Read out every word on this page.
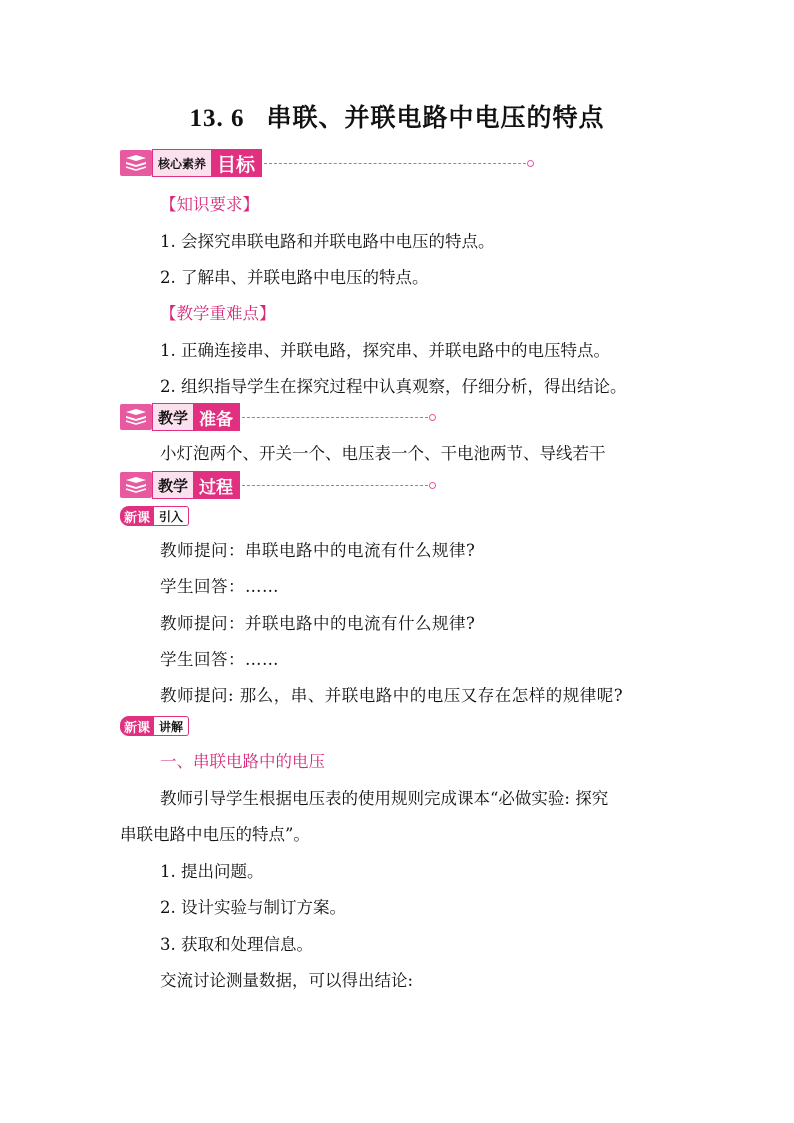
13. 6 串联、并联电路中电压的特点
核心素养 目标
【知识要求】
1. 会探究串联电路和并联电路中电压的特点。
2. 了解串、并联电路中电压的特点。
【教学重难点】
1. 正确连接串、并联电路，探究串、并联电路中的电压特点。
2. 组织指导学生在探究过程中认真观察，仔细分析，得出结论。
教学 准备
小灯泡两个、开关一个、电压表一个、干电池两节、导线若干
教学 过程
新课 引入
教师提问：串联电路中的电流有什么规律?
学生回答：……
教师提问：并联电路中的电流有什么规律?
学生回答：……
教师提问: 那么，串、并联电路中的电压又存在怎样的规律呢?
新课 讲解
一、串联电路中的电压
教师引导学生根据电压表的使用规则完成课本“必做实验: 探究
串联电路中电压的特点”。
1. 提出问题。
2. 设计实验与制订方案。
3. 获取和处理信息。
交流讨论测量数据，可以得出结论:
